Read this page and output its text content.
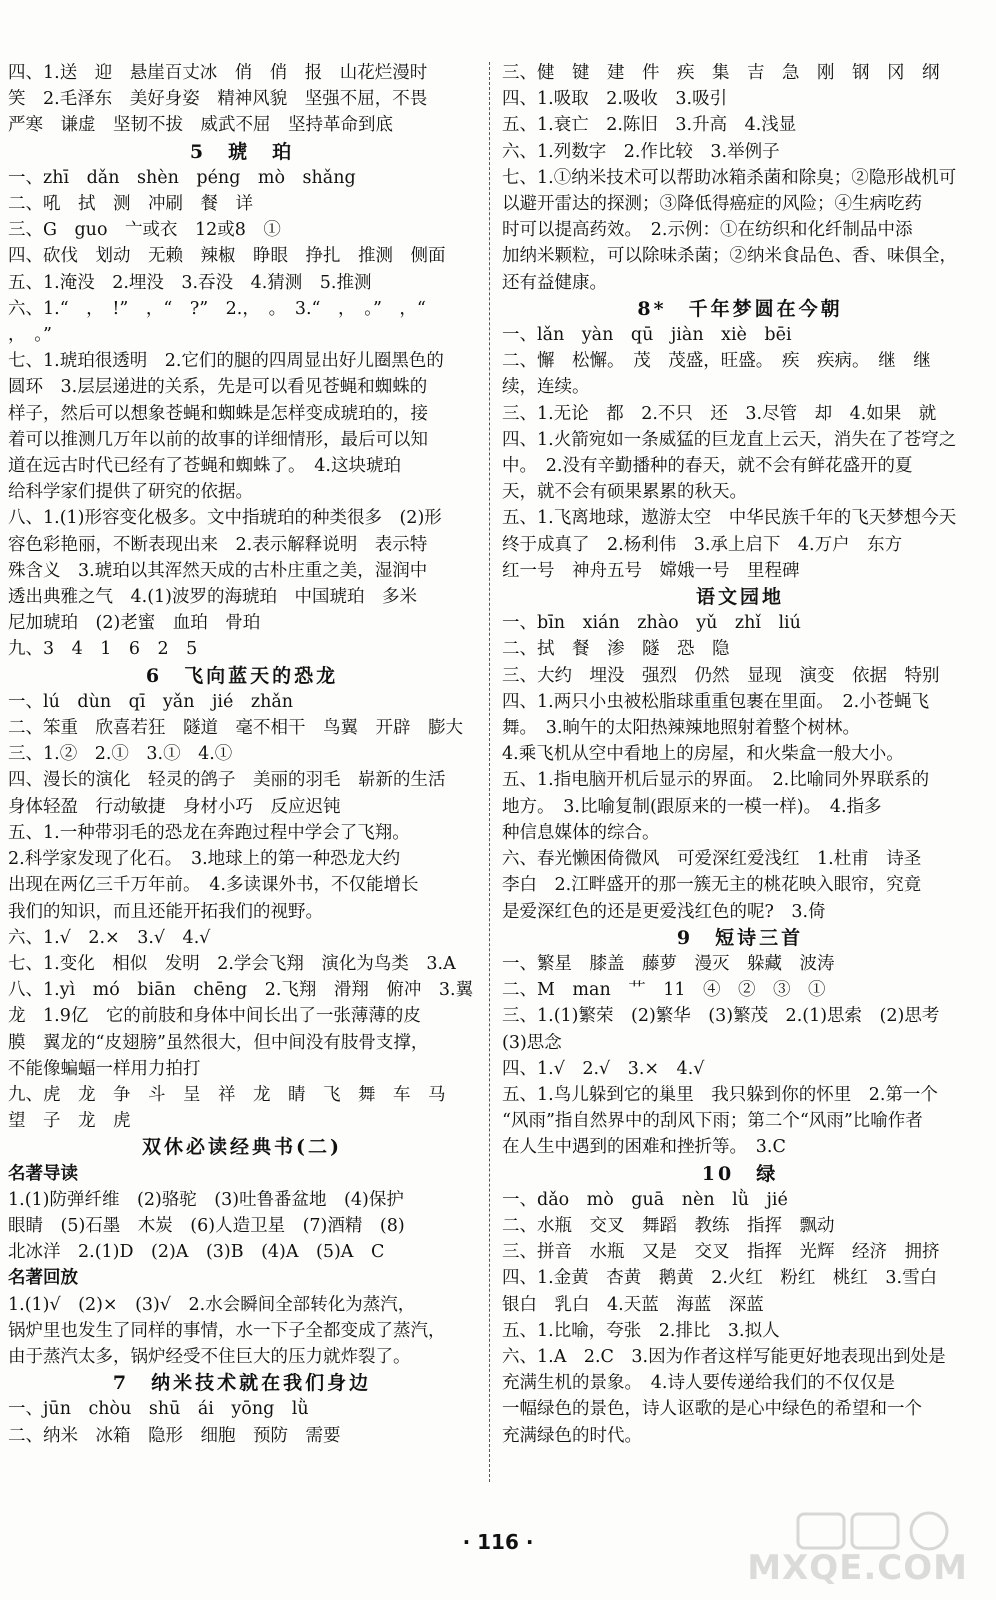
四、1.送　迎　悬崖百丈冰　俏　俏　报　山花烂漫时
笑　2.毛泽东　美好身姿　精神风貌　坚强不屈，不畏
严寒　谦虚　坚韧不拔　威武不屈　坚持革命到底
5　琥　珀
一、zhī　dǎn　shèn　péng　mò　shǎng
二、吼　拭　测　冲刷　餐　详
三、G　guo　亠或衣　12或8　①
四、砍伐　划动　无赖　辣椒　睁眼　挣扎　推测　侧面
五、1.淹没　2.埋没　3.吞没　4.猜测　5.推测
六、1.“　，　!”　，“　?”　2.，　。　3.“　，　。”　，“
，　。”
七、1.琥珀很透明　2.它们的腿的四周显出好儿圈黑色的
圆环　3.层层递进的关系，先是可以看见苍蝇和蜘蛛的
样子，然后可以想象苍蝇和蜘蛛是怎样变成琥珀的，接
着可以推测几万年以前的故事的详细情形，最后可以知
道在远古时代已经有了苍蝇和蜘蛛了。　4.这块琥珀
给科学家们提供了研究的依据。
八、1.(1)形容变化极多。文中指琥珀的种类很多　(2)形
容色彩艳丽，不断表现出来　2.表示解释说明　表示特
殊含义　3.琥珀以其浑然天成的古朴庄重之美，湿润中
透出典雅之气　4.(1)波罗的海琥珀　中国琥珀　多米
尼加琥珀　(2)老蜜　血珀　骨珀
九、3　4　1　6　2　5
6　飞向蓝天的恐龙
一、lú　dùn　qī　yǎn　jié　zhǎn
二、笨重　欣喜若狂　隧道　毫不相干　鸟翼　开辟　膨大
三、1.②　2.①　3.①　4.①
四、漫长的演化　轻灵的鸽子　美丽的羽毛　崭新的生活
身体轻盈　行动敏捷　身材小巧　反应迟钝
五、1.一种带羽毛的恐龙在奔跑过程中学会了飞翔。
2.科学家发现了化石。　3.地球上的第一种恐龙大约
出现在两亿三千万年前。　4.多读课外书，不仅能增长
我们的知识，而且还能开拓我们的视野。
六、1.√　2.×　3.√　4.√
七、1.变化　相似　发明　2.学会飞翔　演化为鸟类　3.A
八、1.yì　mó　biān　chēng　2.飞翔　滑翔　俯冲　3.翼
龙　1.9亿　它的前肢和身体中间长出了一张薄薄的皮
膜　翼龙的“皮翅膀”虽然很大，但中间没有肢骨支撑，
不能像蝙蝠一样用力拍打
九、虎　龙　争　斗　呈　祥　龙　睛　飞　舞　车　马
望　子　龙　虎
双休必读经典书(二)
名著导读
1.(1)防弹纤维　(2)骆驼　(3)吐鲁番盆地　(4)保护
眼睛　(5)石墨　木炭　(6)人造卫星　(7)酒精　(8)
北冰洋　2.(1)D　(2)A　(3)B　(4)A　(5)A　C
名著回放
1.(1)√　(2)×　(3)√　2.水会瞬间全部转化为蒸汽，
锅炉里也发生了同样的事情，水一下子全都变成了蒸汽，
由于蒸汽太多，锅炉经受不住巨大的压力就炸裂了。
7　纳米技术就在我们身边
一、jūn　chòu　shū　ái　yōng　lǜ
二、纳米　冰箱　隐形　细胞　预防　需要
三、健　键　建　件　疾　集　吉　急　刚　钢　冈　纲
四、1.吸取　2.吸收　3.吸引
五、1.衰亡　2.陈旧　3.升高　4.浅显
六、1.列数字　2.作比较　3.举例子
七、1.①纳米技术可以帮助冰箱杀菌和除臭；②隐形战机可
以避开雷达的探测；③降低得癌症的风险；④生病吃药
时可以提高药效。　2.示例：①在纺织和化纤制品中添
加纳米颗粒，可以除味杀菌；②纳米食品色、香、味俱全，
还有益健康。
8*　千年梦圆在今朝
一、lǎn　yàn　qū　jiàn　xiè　bēi
二、懈　松懈。　茂　茂盛，旺盛。　疾　疾病。　继　继
续，连续。
三、1.无论　都　2.不只　还　3.尽管　却　4.如果　就
四、1.火箭宛如一条威猛的巨龙直上云天，消失在了苍穹之
中。　2.没有辛勤播种的春天，就不会有鲜花盛开的夏
天，就不会有硕果累累的秋天。
五、1.飞离地球，遨游太空　中华民族千年的飞天梦想今天
终于成真了　2.杨利伟　3.承上启下　4.万户　东方
红一号　神舟五号　嫦娥一号　里程碑
语文园地
一、bīn　xián　zhào　yǔ　zhǐ　liú
二、拭　餐　渗　隧　恐　隐
三、大约　埋没　强烈　仍然　显现　演变　依据　特别
四、1.两只小虫被松脂球重重包裹在里面。　2.小苍蝇飞
舞。　3.晌午的太阳热辣辣地照射着整个树林。
4.乘飞机从空中看地上的房屋，和火柴盒一般大小。
五、1.指电脑开机后显示的界面。　2.比喻同外界联系的
地方。　3.比喻复制(跟原来的一模一样)。　4.指多
种信息媒体的综合。
六、春光懒困倚微风　可爱深红爱浅红　1.杜甫　诗圣
李白　2.江畔盛开的那一簇无主的桃花映入眼帘，究竟
是爱深红色的还是更爱浅红色的呢?　3.倚
9　短诗三首
一、繁星　膝盖　藤萝　漫灭　躲藏　波涛
二、M　man　艹　11　④　②　③　①
三、1.(1)繁荣　(2)繁华　(3)繁茂　2.(1)思索　(2)思考
(3)思念
四、1.√　2.√　3.×　4.√
五、1.鸟儿躲到它的巢里　我只躲到你的怀里　2.第一个
“风雨”指自然界中的刮风下雨；第二个“风雨”比喻作者
在人生中遇到的困难和挫折等。　3.C
10　绿
一、dǎo　mò　guā　nèn　lǜ　jié
二、水瓶　交叉　舞蹈　教练　指挥　飘动
三、拼音　水瓶　又是　交叉　指挥　光辉　经济　拥挤
四、1.金黄　杏黄　鹅黄　2.火红　粉红　桃红　3.雪白
银白　乳白　4.天蓝　海蓝　深蓝
五、1.比喻，夸张　2.排比　3.拟人
六、1.A　2.C　3.因为作者这样写能更好地表现出到处是
充满生机的景象。　4.诗人要传递给我们的不仅仅是
一幅绿色的景色，诗人讴歌的是心中绿色的希望和一个
充满绿色的时代。
· 116 ·
MXQE.COM
